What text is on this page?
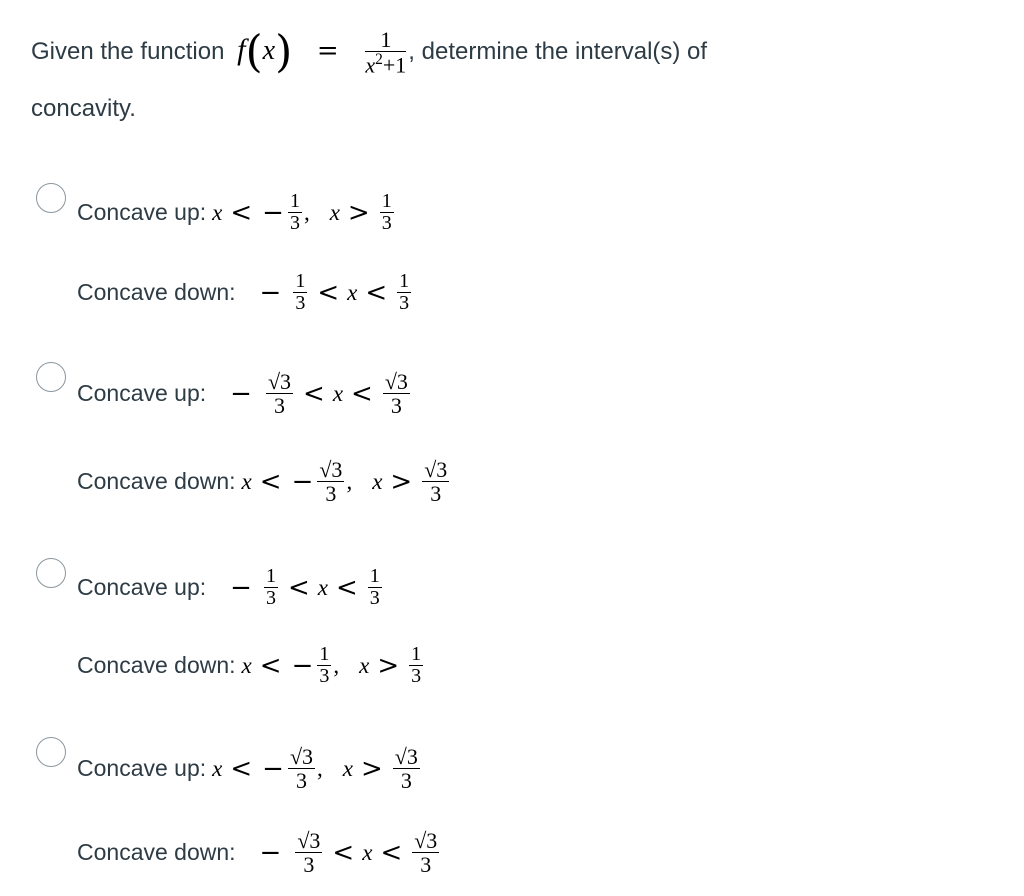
Given the function $f(x) = \frac{1}{x^2+1}$ , determine the interval(s) of
concavity.
Concave up: x < − $\frac{1}{3}$ , $x > \frac{1}{3}$
Concave down: − $\frac{1}{3} < x < \frac{1}{3}$
Concave up: − $\frac{√3}{3} < x < \frac{√3}{3}$
Concave down: x < − $\frac{√3}{3}$ , $x > \frac{√3}{3}$
Concave up: − $\frac{1}{3} < x < \frac{1}{3}$
Concave down: x < − $\frac{1}{3}$ , $x > \frac{1}{3}$
Concave up: x < − $\frac{√3}{3}$ , $x > \frac{√3}{3}$
Concave down: − $\frac{√3}{3} < x < \frac{√3}{3}$
